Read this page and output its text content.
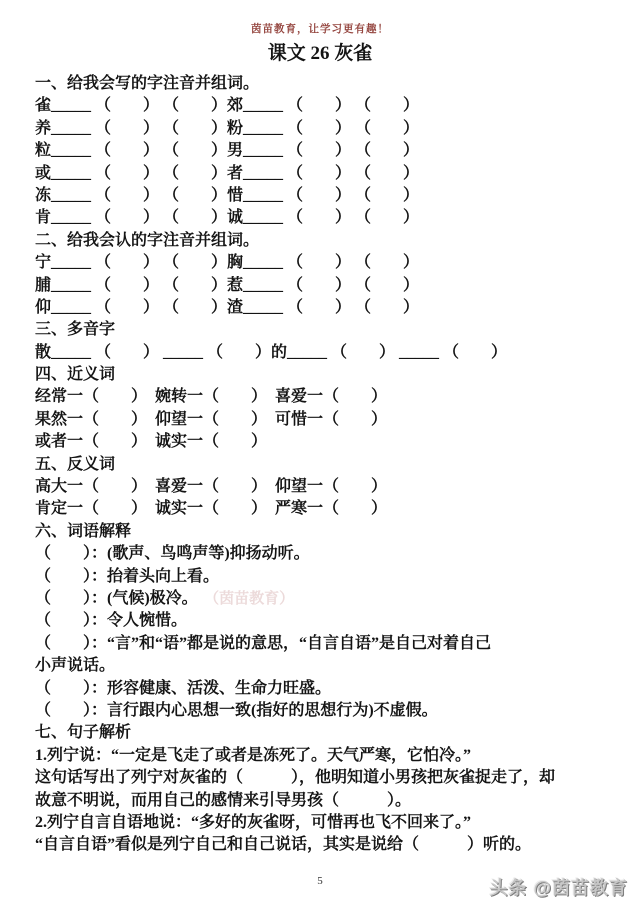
茵苗教育，让学习更有趣！
课文 26 灰雀
一、给我会写的字注音并组词。
雀_____ （　　） （　　）郊_____ （　　） （　　）
养_____ （　　） （　　）粉_____ （　　） （　　）
粒_____ （　　） （　　）男_____ （　　） （　　）
或_____ （　　） （　　）者_____ （　　） （　　）
冻_____ （　　） （　　）惜_____ （　　） （　　）
肯_____ （　　） （　　）诚_____ （　　） （　　）
二、给我会认的字注音并组词。
宁_____ （　　） （　　）胸_____ （　　） （　　）
脯_____ （　　） （　　）惹_____ （　　） （　　）
仰_____ （　　） （　　）渣_____ （　　） （　　）
三、多音字
散_____ （　　） _____ （　　）的_____ （　　） _____ （　　）
四、近义词
经常一（　　）　婉转一（　　）　喜爱一（　　）
果然一（　　）　仰望一（　　）　可惜一（　　）
或者一（　　）　诚实一（　　）
五、反义词
高大一（　　）　喜爱一（　　）　仰望一（　　）
肯定一（　　）　诚实一（　　）　严寒一（　　）
六、词语解释
（　　）：(歌声、鸟鸣声等)抑扬动听。
（　　）：抬着头向上看。
（　　）：(气候)极冷。 （茵苗教育）
（　　）：令人惋惜。
（　　）：“言”和“语”都是说的意思，“自言自语”是自己对着自己
小声说话。
（　　）：形容健康、活泼、生命力旺盛。
（　　）：言行跟内心思想一致(指好的思想行为)不虚假。
七、句子解析
1.列宁说：“一定是飞走了或者是冻死了。天气严寒，它怕冷。”
这句话写出了列宁对灰雀的（　　　），他明知道小男孩把灰雀捉走了，却
故意不明说，而用自己的感情来引导男孩（　　　）。
2.列宁自言自语地说：“多好的灰雀呀，可惜再也飞不回来了。”
“自言自语”看似是列宁自己和自己说话，其实是说给（　　　）听的。
5	头条 @茵苗教育
